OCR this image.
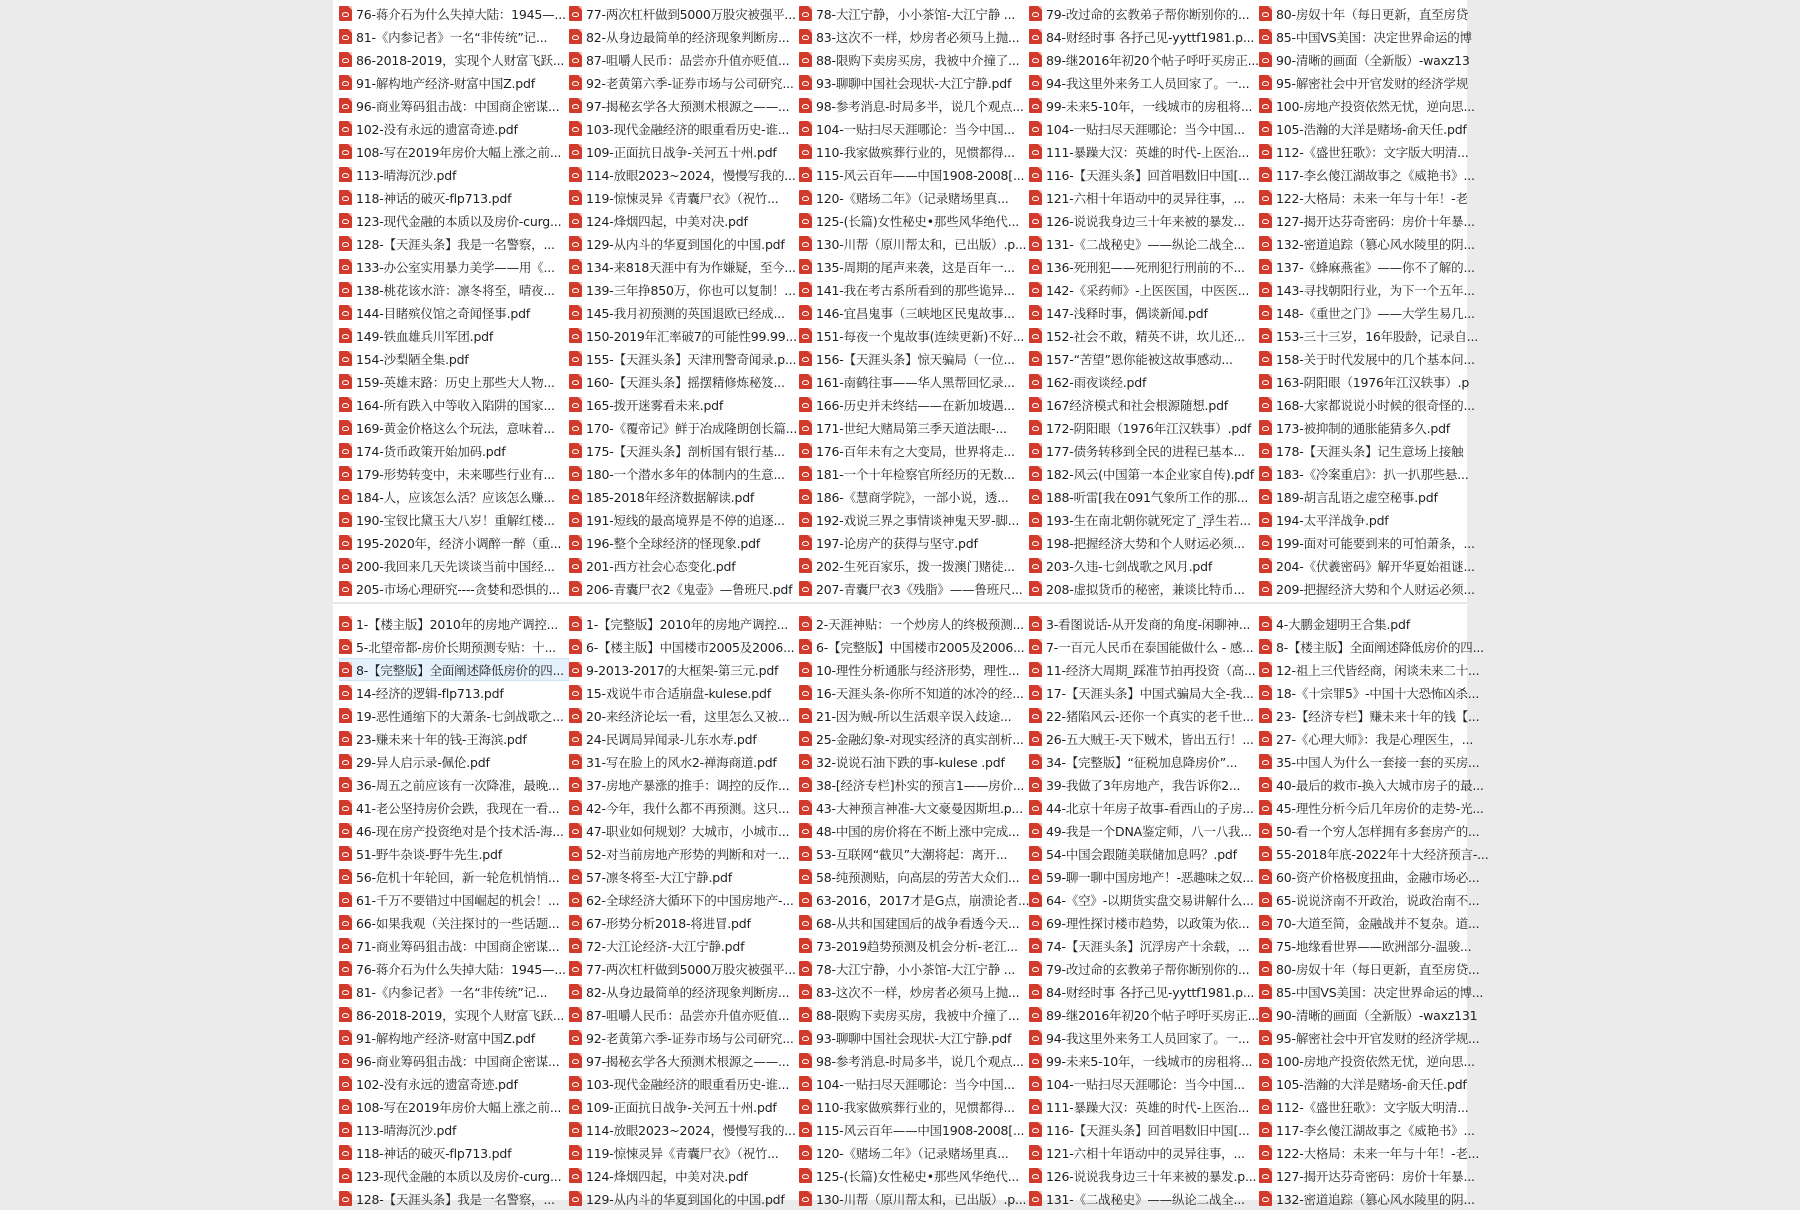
76-蒋介石为什么失掉大陆：1945—... 77-两次杠杆做到5000万股灾被强平... 78-大江宁静，小小茶馆-大江宁静 ... 79-改过命的玄教弟子帮你断别你的... 80-房奴十年（每日更新，直至房贷
81-《内参记者》一名“非传统”记...	82-从身边最简单的经济现象判断房... 83-这次不一样，炒房者必须马上抛... 84-财经时事 各抒己见-yyttf1981.p... 85-中国VS美国：决定世界命运的博
86-2018-2019，实现个人财富飞跃... 87-咀嚼人民币：品尝亦升值亦贬值... 88-限购下卖房买房，我被中介撞了... 89-继2016年初20个帖子呼吁买房正... 90-清晰的画面（全新版）-waxz13
91-解构地产经济-财富中国Z.pdf	92-老黄第六季-证券市场与公司研究... 93-聊聊中国社会现状-大江宁静.pdf	94-我这里外来务工人员回家了。一... 95-解密社会中开官发财的经济学规
96-商业筹码狙击战：中国商企密谋... 97-揭秘玄学各大预测术根源之——... 98-参考消息-时局多半，说几个观点... 99-未来5-10年，一线城市的房租将... 100-房地产投资依然无忧，逆向思...
102-没有永远的遗富奇迹.pdf	103-现代金融经济的眼重看历史-谁... 104-一贴扫尽天涯哪论：当今中国... 104-一贴扫尽天涯哪论：当今中国... 105-浩瀚的大洋是赌场-俞天任.pdf
108-写在2019年房价大幅上涨之前... 109-正面抗日战争-关河五十州.pdf	110-我家做殡葬行业的，见惯都得... 111-暴躁大汉：英雄的时代-上医治... 112-《盛世狂歌》：文字版大明清...
113-晴海沉沙.pdf	114-放眼2023~2024，慢慢写我的... 115-风云百年——中国1908-2008[... 116-【天涯头条】回首唱数旧中国[... 117-李幺傻江湖故事之《威艳书》...
118-神话的破灭-flp713.pdf	119-惊悚灵异《青囊尸衣》（祝竹...	120-《赌场二年》（记录赌场里真...	121-六相十年语动中的灵异往事，... 122-大格局：未来一年与十年！-老
123-现代金融的本质以及房价-curg... 124-烽烟四起，中美对决.pdf	125-(长篇)女性秘史•那些风华绝代... 126-说说我身边三十年来被的暴发... 127-揭开达芬奇密码：房价十年暴...
128-【天涯头条】我是一名警察，... 129-从内斗的华夏到国化的中国.pdf	130-川帮（原川帮太和，已出版）.p... 131-《二战秘史》——纵论二战全... 132-密道追踪（篡心风水陵里的阴...
133-办公室实用暴力美学——用《... 134-来818天涯中有为作嫌疑，至今... 135-周期的尾声来袭，这是百年一... 136-死刑犯——死刑犯行刑前的不... 137-《蜂麻燕雀》——你不了解的...
138-桃花该水浒：凛冬将至，晴夜... 139-三年挣850万，你也可以复制！... 141-我在考古系所看到的那些诡异... 142-《采药师》-上医医国，中医医... 143-寻找朝阳行业，为下一个五年...
144-目睹殡仪馆之奇闻怪事.pdf	145-我月初预测的英国退欧已经成... 146-宜昌鬼事（三峡地区民鬼故事... 147-浅释时事，偶谈新闻.pdf	148-《重世之门》——大学生易几...
149-铁血雄兵川军团.pdf	150-2019年汇率破7的可能性99.99... 151-每夜一个鬼故事(连续更新)不好... 152-社会不敢，精英不讲，坎儿还... 153-三十三岁，16年股龄，记录自...
154-沙梨陋全集.pdf	155-【天涯头条】天津刑警奇闻录.p... 156-【天涯头条】惊天骗局（一位... 157-“苦望”恩你能被这故事感动...	158-关于时代发展中的几个基本问...
159-英雄末路：历史上那些大人物... 160-【天涯头条】摇摆精修炼秘笈... 161-南鹤往事——华人黑帮回忆录... 162-雨夜谈经.pdf	163-阴阳眼（1976年江汉轶事）.p
164-所有跌入中等收入陷阱的国家... 165-拨开迷雾看未来.pdf	166-历史并未终结——在新加坡遇... 167经济模式和社会根源随想.pdf	168-大家都说说小时候的很奇怪的...
169-黄金价格这么个玩法，意味着... 170-《覆帝记》鲜于冶成隆朗创长篇... 171-世纪大赌局第三季天道法眼-...	172-阴阳眼（1976年江汉轶事）.pdf 173-被抑制的通胀能猜多久.pdf
174-货币政策开始加码.pdf	175-【天涯头条】剖析国有银行基... 176-百年未有之大变局，世界将走... 177-债务转移到全民的进程已基本... 178-【天涯头条】记生意场上接触
179-形势转变中，未来哪些行业有... 180-一个潜水多年的体制内的生意... 181-一个十年检察官所经历的无数... 182-风云(中国第一本企业家自传).pdf 183-《冷案重启》：扒一扒那些悬...
184-人，应该怎么活？应该怎么赚... 185-2018年经济数据解读.pdf	186-《慧商学院》，一部小说，透...	188-听雷[我在091气象所工作的那... 189-胡言乱语之虚空秘事.pdf
190-宝钗比黛玉大八岁！重解红楼... 191-短线的最高境界是不停的追逐... 192-戏说三界之事情谈神鬼天罗-脚... 193-生在南北朝你就死定了_浮生若... 194-太平洋战争.pdf
195-2020年，经济小调醉一醉（重... 196-整个全球经济的怪现象.pdf	197-论房产的获得与坚守.pdf	198-把握经济大势和个人财运必须... 199-面对可能要到来的可怕萧条，...
200-我回来几天先谈谈当前中国经... 201-西方社会心态变化.pdf	202-生死百家乐，拨一拨澳门赌徒... 203-久违-七剑战歌之风月.pdf	204-《伏羲密码》解开华夏始祖谜...
205-市场心理研究----贪婪和恐惧的... 206-青囊尸衣2《鬼壶》—鲁班尺.pdf 207-青囊尸衣3《残脂》——鲁班尺... 208-虚拟货币的秘密，兼谈比特币... 209-把握经济大势和个人财运必须...
1-【楼主版】2010年的房地产调控... 1-【完整版】2010年的房地产调控... 2-天涯神贴：一个炒房人的终极预测... 3-看图说话-从开发商的角度-闲聊神... 4-大鹏金翅明王合集.pdf
5-北望帝都-房价长期预测专贴：十... 6-【楼主版】中国楼市2005及2006... 6-【完整版】中国楼市2005及2006... 7-一百元人民币在泰国能做什么 - 感... 8-【楼主版】全面阐述降低房价的四...
8-【完整版】全面阐述降低房价的四... 9-2013-2017的大框架-第三元.pdf	10-理性分析通胀与经济形势，理性... 11-经济大周期_踩准节拍再投资（高... 12-祖上三代皆经商，闲谈未来二十...
14-经济的逻辑-flp713.pdf	15-戏说牛市合适崩盘-kulese.pdf	16-天涯头条-你所不知道的冰冷的经... 17-【天涯头条】中国式骗局大全-我... 18-《十宗罪5》-中国十大恐怖凶杀...
19-恶性通缩下的大萧条-七剑战歌之... 20-来经济论坛一看，这里怎么又被... 21-因为贼-所以生活艰辛误入歧途...	22-猪陷风云-还你一个真实的老千世... 23-【经济专栏】赚未来十年的钱【...
23-赚未来十年的钱-王海滨.pdf	24-民调局异闻录-儿东水寿.pdf	25-金融幻象-对现实经济的真实剖析... 26-五大贼王-天下贼术，皆出五行！... 27-《心理大师》：我是心理医生，...
29-异人启示录-佩伦.pdf	31-写在脸上的风水2-禅海商道.pdf	32-说说石油下跌的事-kulese .pdf	34-【完整版】“征税加息降房价”...	35-中国人为什么一套接一套的买房...
36-周五之前应该有一次降准，最晚... 37-房地产暴涨的推手：调控的反作... 38-[经济专栏]朴实的预言1——房价... 39-我做了3年房地产，我告诉你2...	40-最后的救市-换入大城市房子的最...
41-老公坚持房价会跌，我现在一看... 42-今年，我什么都不再预测。这只... 43-大神预言神准-大文豪曼因斯坦.p... 44-北京十年房子故事-看西山的子房... 45-理性分析今后几年房价的走势-光...
46-现在房产投资绝对是个技术活-海... 47-职业如何规划？大城市，小城市... 48-中国的房价将在不断上涨中完成... 49-我是一个DNA鉴定师，八一八我... 50-看一个穷人怎样拥有多套房产的...
51-野牛杂谈-野牛先生.pdf	52-对当前房地产形势的判断和对一... 53-互联网“截贝”大潮将起：离开...	54-中国会跟随美联储加息吗？.pdf	55-2018年底-2022年十大经济预言-...
56-危机十年轮回，新一轮危机悄悄... 57-凛冬将至-大江宁静.pdf	58-纯预测贴，向高层的劳苦大众们... 59-聊一聊中国房地产！-恶趣味之奴... 60-资产价格极度扭曲，金融市场必...
61-千万不要错过中国崛起的机会！... 62-全球经济大循环下的中国房地产-... 63-2016，2017才是G点，崩溃论者... 64-《空》-以期货实盘交易讲解什么... 65-说说济南不开政治，说政治南不...
66-如果我观（关注探讨的一些话题... 67-形势分析2018-将进冒.pdf	68-从共和国建国后的战争看透今天... 69-理性探讨楼市趋势，以政策为依... 70-大道至简，金融战并不复杂。道...
71-商业筹码狙击战：中国商企密谋... 72-大江论经济-大江宁静.pdf	73-2019趋势预测及机会分析-老江... 74-【天涯头条】沉浮房产十余载，... 75-地缘看世界——欧洲部分-温骏...
76-蒋介石为什么失掉大陆：1945—... 77-两次杠杆做到5000万股灾被强平... 78-大江宁静，小小茶馆-大江宁静 ... 79-改过命的玄教弟子帮你断别你的... 80-房奴十年（每日更新，直至房贷...
81-《内参记者》一名“非传统”记...	82-从身边最简单的经济现象判断房... 83-这次不一样，炒房者必须马上抛... 84-财经时事 各抒己见-yyttf1981.p... 85-中国VS美国：决定世界命运的博...
86-2018-2019，实现个人财富飞跃... 87-咀嚼人民币：品尝亦升值亦贬值... 88-限购下卖房买房，我被中介撞了... 89-继2016年初20个帖子呼吁买房正... 90-清晰的画面（全新版）-waxz131
91-解构地产经济-财富中国Z.pdf	92-老黄第六季-证券市场与公司研究... 93-聊聊中国社会现状-大江宁静.pdf	94-我这里外来务工人员回家了。一... 95-解密社会中开官发财的经济学规...
96-商业筹码狙击战：中国商企密谋... 97-揭秘玄学各大预测术根源之——... 98-参考消息-时局多半，说几个观点... 99-未来5-10年，一线城市的房租将... 100-房地产投资依然无忧，逆向思...
102-没有永远的遗富奇迹.pdf	103-现代金融经济的眼重看历史-谁... 104-一贴扫尽天涯哪论：当今中国... 104-一贴扫尽天涯哪论：当今中国... 105-浩瀚的大洋是赌场-俞天任.pdf
108-写在2019年房价大幅上涨之前... 109-正面抗日战争-关河五十州.pdf	110-我家做殡葬行业的，见惯都得... 111-暴躁大汉：英雄的时代-上医治... 112-《盛世狂歌》：文字版大明清...
113-晴海沉沙.pdf	114-放眼2023~2024，慢慢写我的... 115-风云百年——中国1908-2008[... 116-【天涯头条】回首唱数旧中国[... 117-李幺傻江湖故事之《威艳书》...
118-神话的破灭-flp713.pdf	119-惊悚灵异《青囊尸衣》（祝竹...	120-《赌场二年》（记录赌场里真...	121-六相十年语动中的灵异往事，... 122-大格局：未来一年与十年！-老...
123-现代金融的本质以及房价-curg... 124-烽烟四起，中美对决.pdf	125-(长篇)女性秘史•那些风华绝代... 126-说说我身边三十年来被的暴发.p... 127-揭开达芬奇密码：房价十年暴...
128-【天涯头条】我是一名警察，... 129-从内斗的华夏到国化的中国.pdf	130-川帮（原川帮太和，已出版）.p... 131-《二战秘史》——纵论二战全... 132-密道追踪（篡心风水陵里的阴...
